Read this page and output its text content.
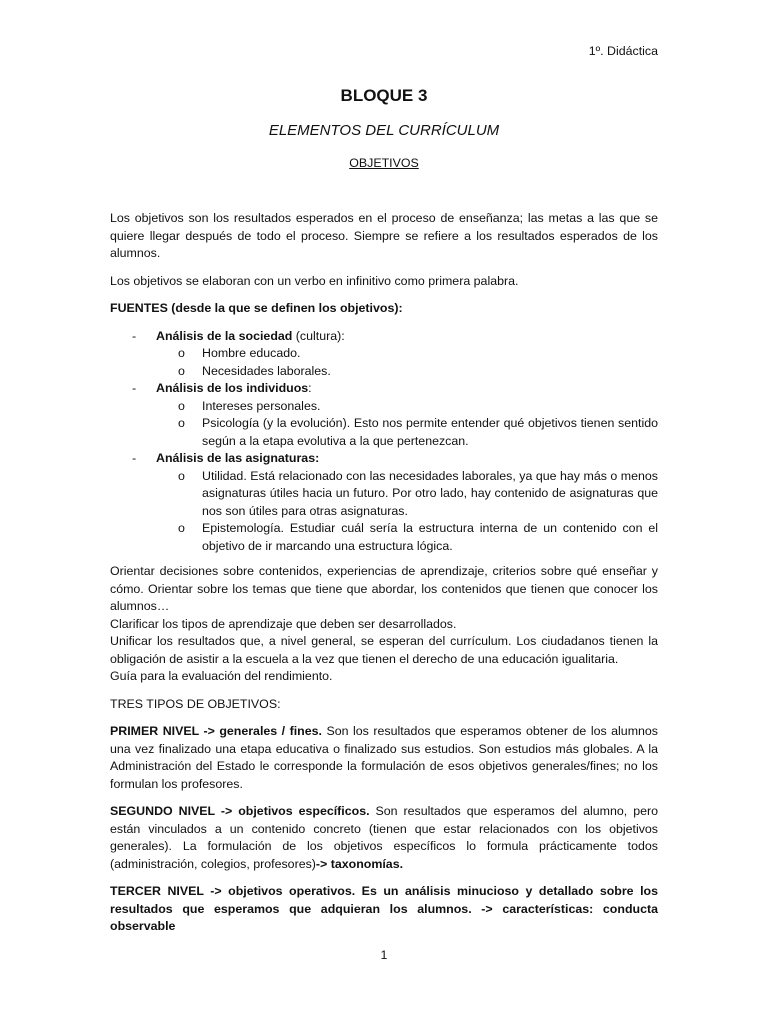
1º. Didáctica
BLOQUE 3
ELEMENTOS DEL CURRÍCULUM
OBJETIVOS

Los objetivos son los resultados esperados en el proceso de enseñanza; las metas a las que se quiere llegar después de todo el proceso. Siempre se refiere a los resultados esperados de los alumnos.

Los objetivos se elaboran con un verbo en infinitivo como primera palabra.

FUENTES (desde la que se definen los objetivos):

- Análisis de la sociedad (cultura):
o Hombre educado.
o Necesidades laborales.
- Análisis de los individuos:
o Intereses personales.
o Psicología (y la evolución). Esto nos permite entender qué objetivos tienen sentido según a la etapa evolutiva a la que pertenezcan.
- Análisis de las asignaturas:
o Utilidad. Está relacionado con las necesidades laborales, ya que hay más o menos asignaturas útiles hacia un futuro. Por otro lado, hay contenido de asignaturas que nos son útiles para otras asignaturas.
o Epistemología. Estudiar cuál sería la estructura interna de un contenido con el objetivo de ir marcando una estructura lógica.
Orientar decisiones sobre contenidos, experiencias de aprendizaje, criterios sobre qué enseñar y cómo. Orientar sobre los temas que tiene que abordar, los contenidos que tienen que conocer los alumnos…
Clarificar los tipos de aprendizaje que deben ser desarrollados.
Unificar los resultados que, a nivel general, se esperan del currículum. Los ciudadanos tienen la obligación de asistir a la escuela a la vez que tienen el derecho de una educación igualitaria.
Guía para la evaluación del rendimiento.

TRES TIPOS DE OBJETIVOS:

PRIMER NIVEL -> generales / fines. Son los resultados que esperamos obtener de los alumnos una vez finalizado una etapa educativa o finalizado sus estudios. Son estudios más globales. A la Administración del Estado le corresponde la formulación de esos objetivos generales/fines; no los formulan los profesores.

SEGUNDO NIVEL -> objetivos específicos. Son resultados que esperamos del alumno, pero están vinculados a un contenido concreto (tienen que estar relacionados con los objetivos generales). La formulación de los objetivos específicos lo formula prácticamente todos (administración, colegios, profesores)-> taxonomías.

TERCER NIVEL -> objetivos operativos. Es un análisis minucioso y detallado sobre los resultados que esperamos que adquieran los alumnos. -> características: conducta observable

1
